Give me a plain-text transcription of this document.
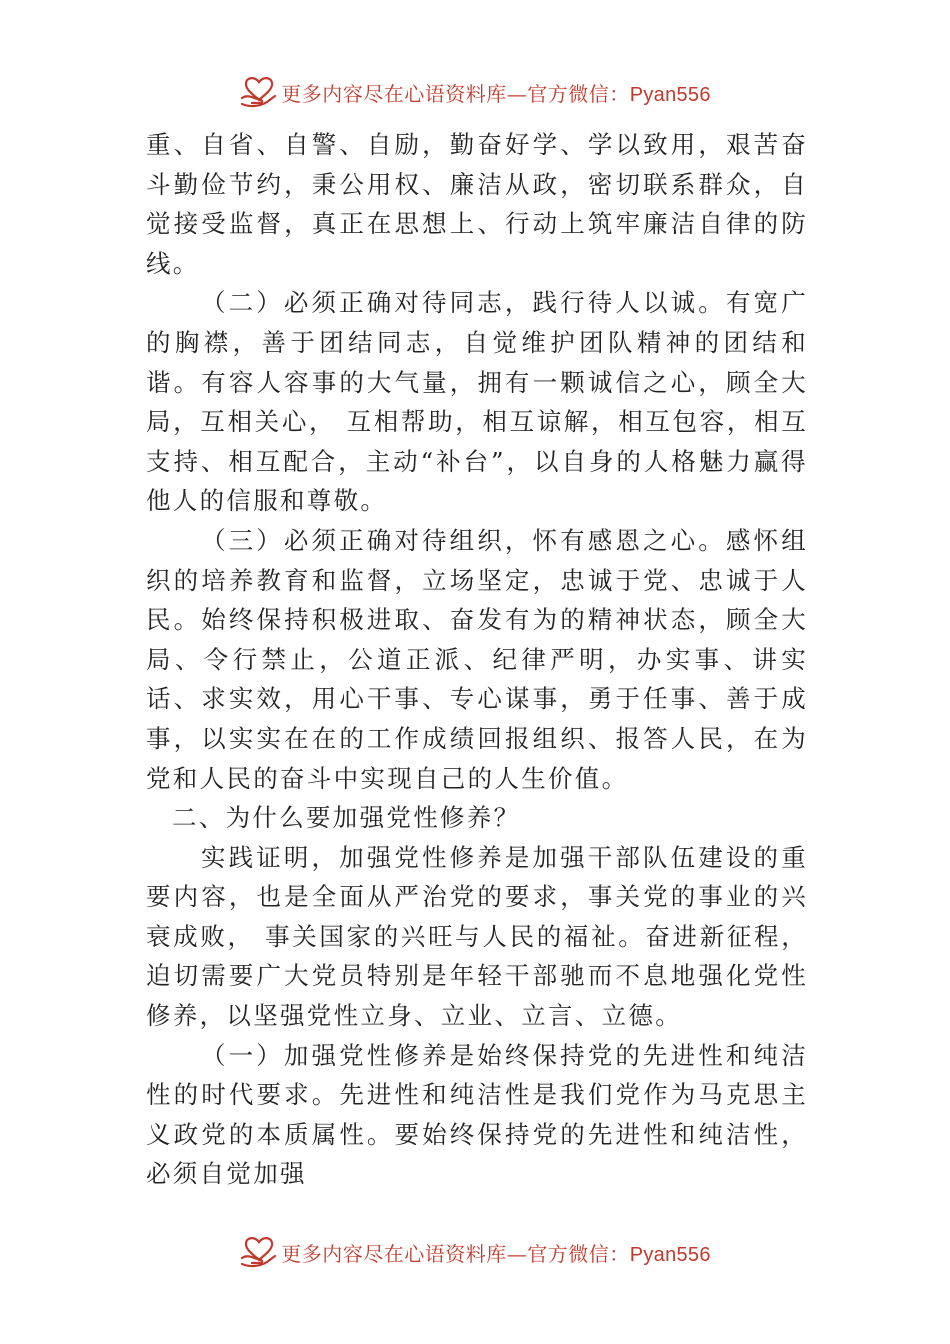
更多内容尽在心语资料库—官方微信：Pyan556

重、自省、自警、自励，勤奋好学、学以致用，艰苦奋斗勤俭节约，秉公用权、廉洁从政，密切联系群众，自觉接受监督，真正在思想上、行动上筑牢廉洁自律的防线。

（二）必须正确对待同志，践行待人以诚。有宽广的胸襟，善于团结同志，自觉维护团队精神的团结和谐。有容人容事的大气量，拥有一颗诚信之心，顾全大局，互相关心， 互相帮助，相互谅解，相互包容，相互支持、相互配合，主动“补台”，以自身的人格魅力赢得他人的信服和尊敬。

（三）必须正确对待组织，怀有感恩之心。感怀组织的培养教育和监督，立场坚定，忠诚于党、忠诚于人民。始终保持积极进取、奋发有为的精神状态，顾全大局、令行禁止，公道正派、纪律严明，办实事、讲实话、求实效，用心干事、专心谋事，勇于任事、善于成事，以实实在在的工作成绩回报组织、报答人民，在为党和人民的奋斗中实现自己的人生价值。

二、为什么要加强党性修养？

实践证明，加强党性修养是加强干部队伍建设的重要内容，也是全面从严治党的要求，事关党的事业的兴衰成败， 事关国家的兴旺与人民的福祉。奋进新征程，迫切需要广大党员特别是年轻干部驰而不息地强化党性修养，以坚强党性立身、立业、立言、立德。

（一）加强党性修养是始终保持党的先进性和纯洁性的时代要求。先进性和纯洁性是我们党作为马克思主义政党的本质属性。要始终保持党的先进性和纯洁性，必须自觉加强

更多内容尽在心语资料库—官方微信：Pyan556
